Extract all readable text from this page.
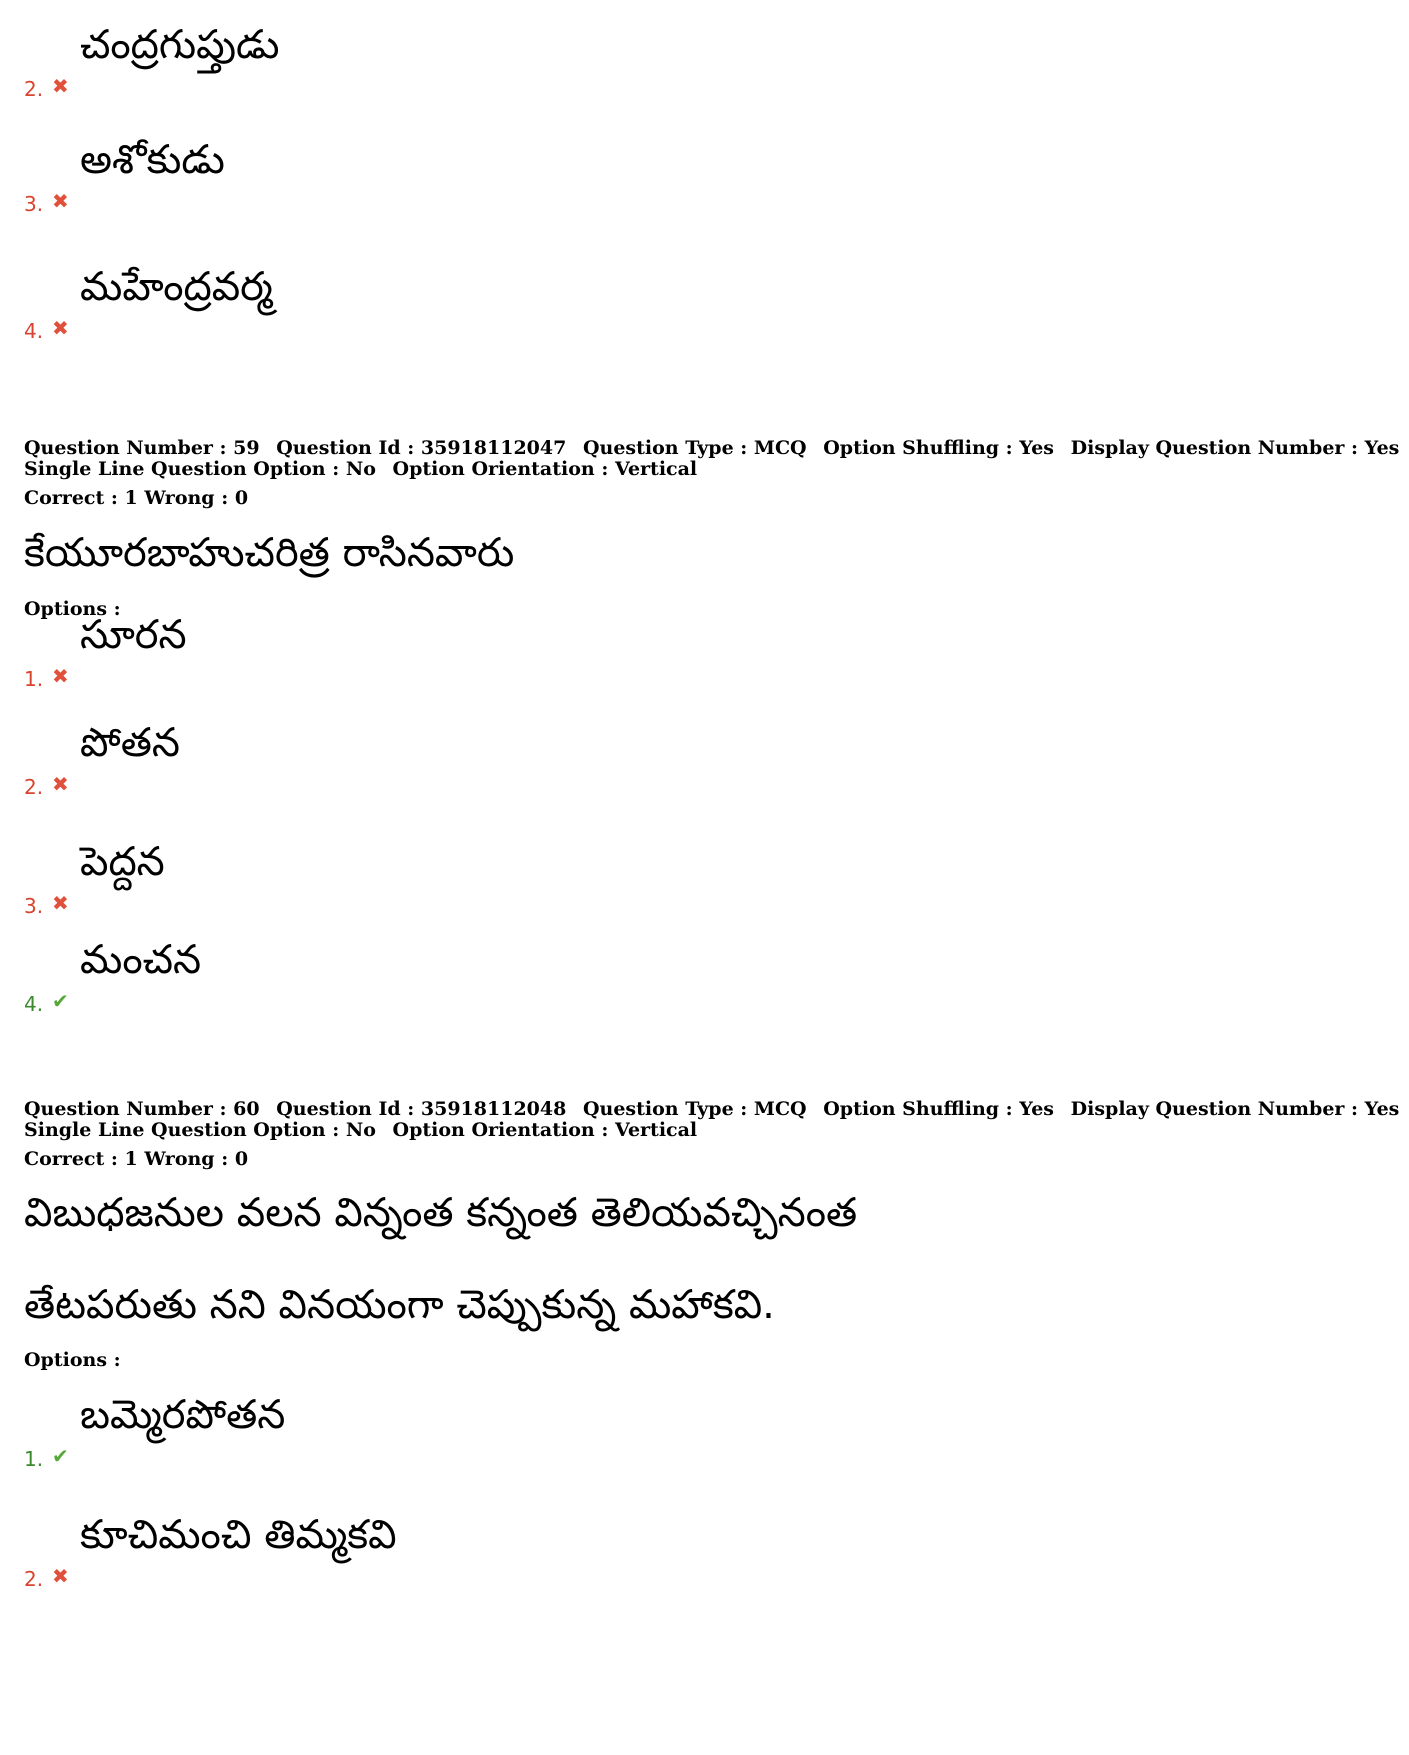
చంద్రగుప్తుడు
2. ✖
అశోకుడు
3. ✖
మహేంద్రవర్మ
4. ✖
Question Number : 59 Question Id : 35918112047 Question Type : MCQ Option Shuffling : Yes Display Question Number : Yes
Single Line Question Option : No Option Orientation : Vertical
Correct : 1 Wrong : 0
కేయూరబాహుచరిత్ర రాసినవారు
Options :
సూరన
1. ✖
పోతన
2. ✖
పెద్దన
3. ✖
మంచన
4. ✔
Question Number : 60 Question Id : 35918112048 Question Type : MCQ Option Shuffling : Yes Display Question Number : Yes
Single Line Question Option : No Option Orientation : Vertical
Correct : 1 Wrong : 0
విబుధజనుల వలన విన్నంత కన్నంత తెలియవచ్చినంత
తేటపరుతు నని వినయంగా చెప్పుకున్న మహాకవి.
Options :
బమ్మెరపోతన
1. ✔
కూచిమంచి తిమ్మకవి
2. ✖
